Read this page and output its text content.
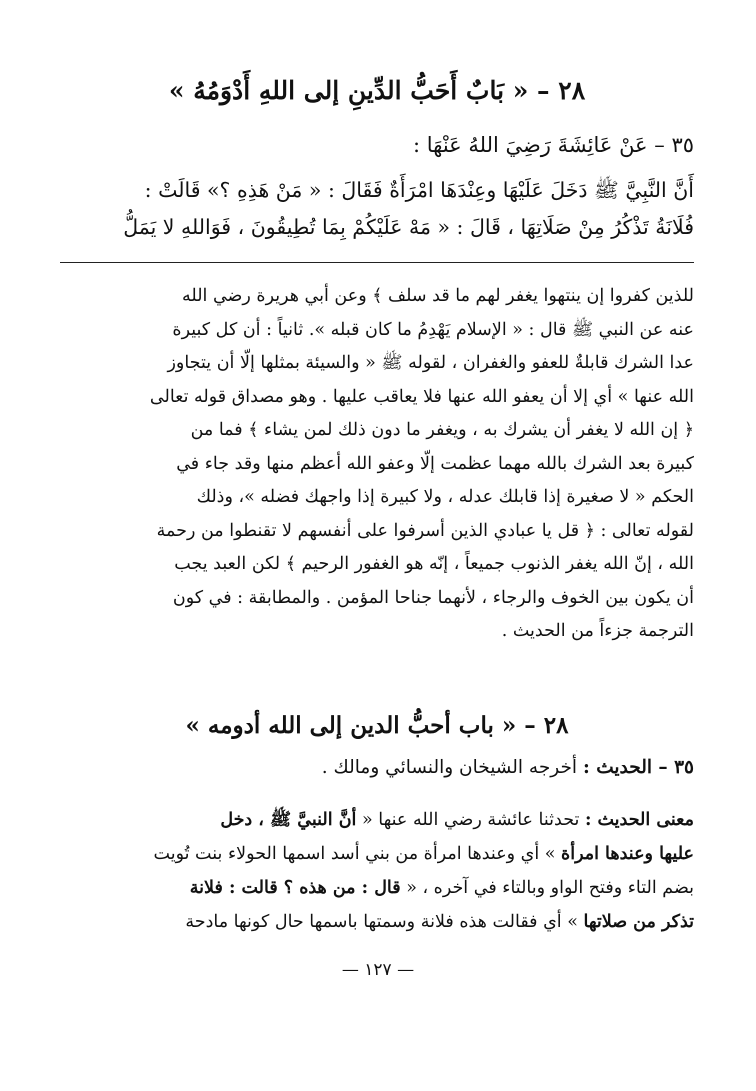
٢٨ – « بَابٌ أَحَبُّ الدِّينِ إلى اللهِ أَدْوَمُهُ »
٣٥ – عَنْ عَائِشَةَ رَضِيَ اللهُ عَنْهَا :

أَنَّ النَّبِيَّ ﷺ دَخَلَ عَلَيْهَا وعِنْدَهَا امْرَأَةٌ فَقَالَ : « مَنْ هَذِهِ ؟» قَالَتْ :

فُلَانَةُ تَذْكُرُ مِنْ صَلَاتِهَا ، قَالَ : « مَهْ عَلَيْكُمْ بِمَا تُطِيقُونَ ، فَوَاللهِ لا يَمَلُّ

للذين كفروا إن ينتهوا يغفر لهم ما قد سلف ﴾ وعن أبي هريرة رضي الله

عنه عن النبي ﷺ قال : « الإسلام يَهْدِمُ ما كان قبله ». ثانياً : أن كل كبيرة

عدا الشرك قابلةٌ للعفو والغفران ، لقوله ﷺ « والسيئة بمثلها إلّا أن يتجاوز

الله عنها » أي إلا أن يعفو الله عنها فلا يعاقب عليها . وهو مصداق قوله تعالى

﴿ إن الله لا يغفر أن يشرك به ، ويغفر ما دون ذلك لمن يشاء ﴾ فما من

كبيرة بعد الشرك بالله مهما عظمت إلّا وعفو الله أعظم منها وقد جاء في

الحكم « لا صغيرة إذا قابلك عدله ، ولا كبيرة إذا واجهك فضله »، وذلك

لقوله تعالى : ﴿ قل يا عبادي الذين أسرفوا على أنفسهم لا تقنطوا من رحمة

الله ، إنّ الله يغفر الذنوب جميعاً ، إنّه هو الغفور الرحيم ﴾ لكن العبد يجب

أن يكون بين الخوف والرجاء ، لأنهما جناحا المؤمن . والمطابقة : في كون

الترجمة جزءاً من الحديث .

٢٨ – « باب أحبُّ الدين إلى الله أدومه »
٣٥ – الحديث : أخرجه الشيخان والنسائي ومالك .

معنى الحديث : تحدثنا عائشة رضي الله عنها « أنَّ النبيَّ ﷺ ، دخل

عليها وعندها امرأة » أي وعندها امرأة من بني أسد اسمها الحولاء بنت تُويت

بضم التاء وفتح الواو وبالتاء في آخره ، « قال : من هذه ؟ قالت : فلانة

تذكر من صلاتها » أي فقالت هذه فلانة وسمتها باسمها حال كونها مادحة

— ١٢٧ —
